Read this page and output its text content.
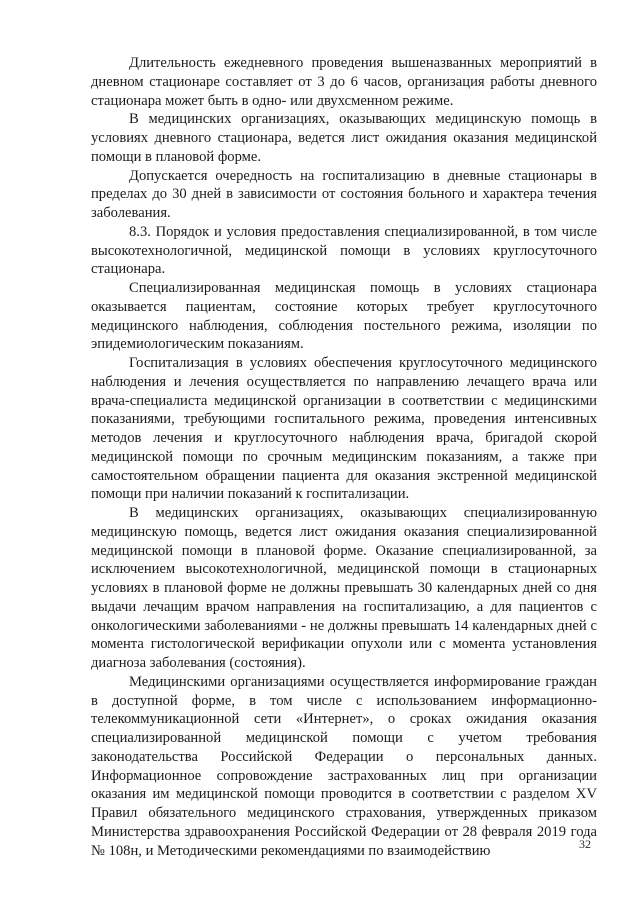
Длительность ежедневного проведения вышеназванных мероприятий в дневном стационаре составляет от 3 до 6 часов, организация работы дневного стационара может быть в одно- или двухсменном режиме.

В медицинских организациях, оказывающих медицинскую помощь в условиях дневного стационара, ведется лист ожидания оказания медицинской помощи в плановой форме.

Допускается очередность на госпитализацию в дневные стационары в пределах до 30 дней в зависимости от состояния больного и характера течения заболевания.

8.3. Порядок и условия предоставления специализированной, в том числе высокотехнологичной, медицинской помощи в условиях круглосуточного стационара.

Специализированная медицинская помощь в условиях стационара оказывается пациентам, состояние которых требует круглосуточного медицинского наблюдения, соблюдения постельного режима, изоляции по эпидемиологическим показаниям.

Госпитализация в условиях обеспечения круглосуточного медицинского наблюдения и лечения осуществляется по направлению лечащего врача или врача-специалиста медицинской организации в соответствии с медицинскими показаниями, требующими госпитального режима, проведения интенсивных методов лечения и круглосуточного наблюдения врача, бригадой скорой медицинской помощи по срочным медицинским показаниям, а также при самостоятельном обращении пациента для оказания экстренной медицинской помощи при наличии показаний к госпитализации.

В медицинских организациях, оказывающих специализированную медицинскую помощь, ведется лист ожидания оказания специализированной медицинской помощи в плановой форме. Оказание специализированной, за исключением высокотехнологичной, медицинской помощи в стационарных условиях в плановой форме не должны превышать 30 календарных дней со дня выдачи лечащим врачом направления на госпитализацию, а для пациентов с онкологическими заболеваниями - не должны превышать 14 календарных дней с момента гистологической верификации опухоли или с момента установления диагноза заболевания (состояния).

Медицинскими организациями осуществляется информирование граждан в доступной форме, в том числе с использованием информационно-телекоммуникационной сети «Интернет», о сроках ожидания оказания специализированной медицинской помощи с учетом требования законодательства Российской Федерации о персональных данных. Информационное сопровождение застрахованных лиц при организации оказания им медицинской помощи проводится в соответствии с разделом XV Правил обязательного медицинского страхования, утвержденных приказом Министерства здравоохранения Российской Федерации от 28 февраля 2019 года № 108н, и Методическими рекомендациями по взаимодействию	32
